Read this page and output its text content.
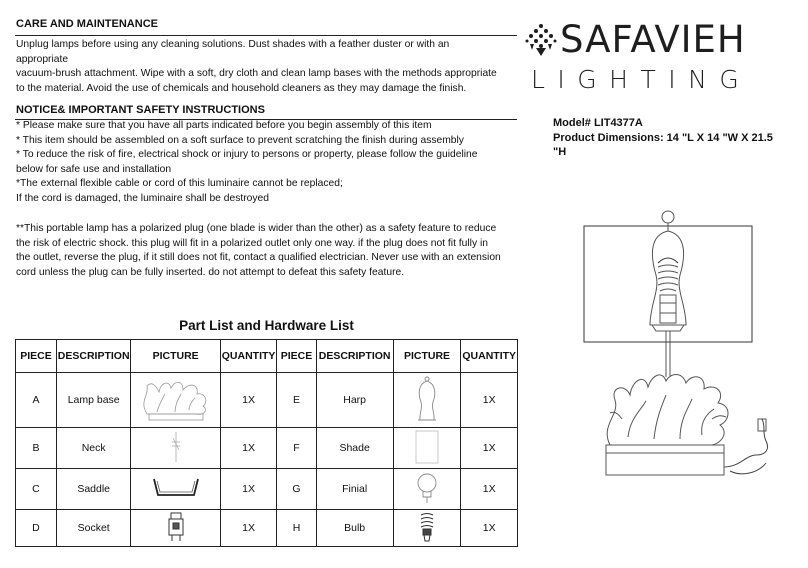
CARE AND MAINTENANCE
Unplug lamps before using any cleaning solutions. Dust shades with a feather duster or with an
appropriate
vacuum-brush attachment. Wipe with a soft, dry cloth and clean lamp bases with the methods appropriate
to the material. Avoid the use of chemicals and household cleaners as they may damage the finish.
NOTICE& IMPORTANT SAFETY INSTRUCTIONS
* Please make sure that you have all parts indicated before you begin assembly of this item
* This item should be assembled on a soft surface to prevent scratching the finish during assembly
* To reduce the risk of fire, electrical shock or injury to persons or property, please follow the guideline
below for safe use and installation
*The external flexible cable or cord of this luminaire cannot be replaced;
If the cord is damaged, the luminaire shall be destroyed
**This portable lamp has a polarized plug (one blade is wider than the other) as a safety feature to reduce
the risk of electric shock. this plug will fit in a polarized outlet only one way. if the plug does not fit fully in
the outlet, reverse the plug, if it still does not fit, contact a qualified electrician. Never use with an extension
cord unless the plug can be fully inserted. do not attempt to defeat this safety feature.
SAFAVIEH
LIGHTING
Model# LIT4377A
Product Dimensions: 14 "L X 14 "W X 21.5
"H
Part List and Hardware List
PIECE	DESCRIPTION	PICTURE	QUANTITY	PIECE	DESCRIPTION	PICTURE	QUANTITY
A	Lamp base		1X	E	Harp		1X
B	Neck		1X	F	Shade		1X
C	Saddle		1X	G	Finial		1X
D	Socket		1X	H	Bulb		1X
